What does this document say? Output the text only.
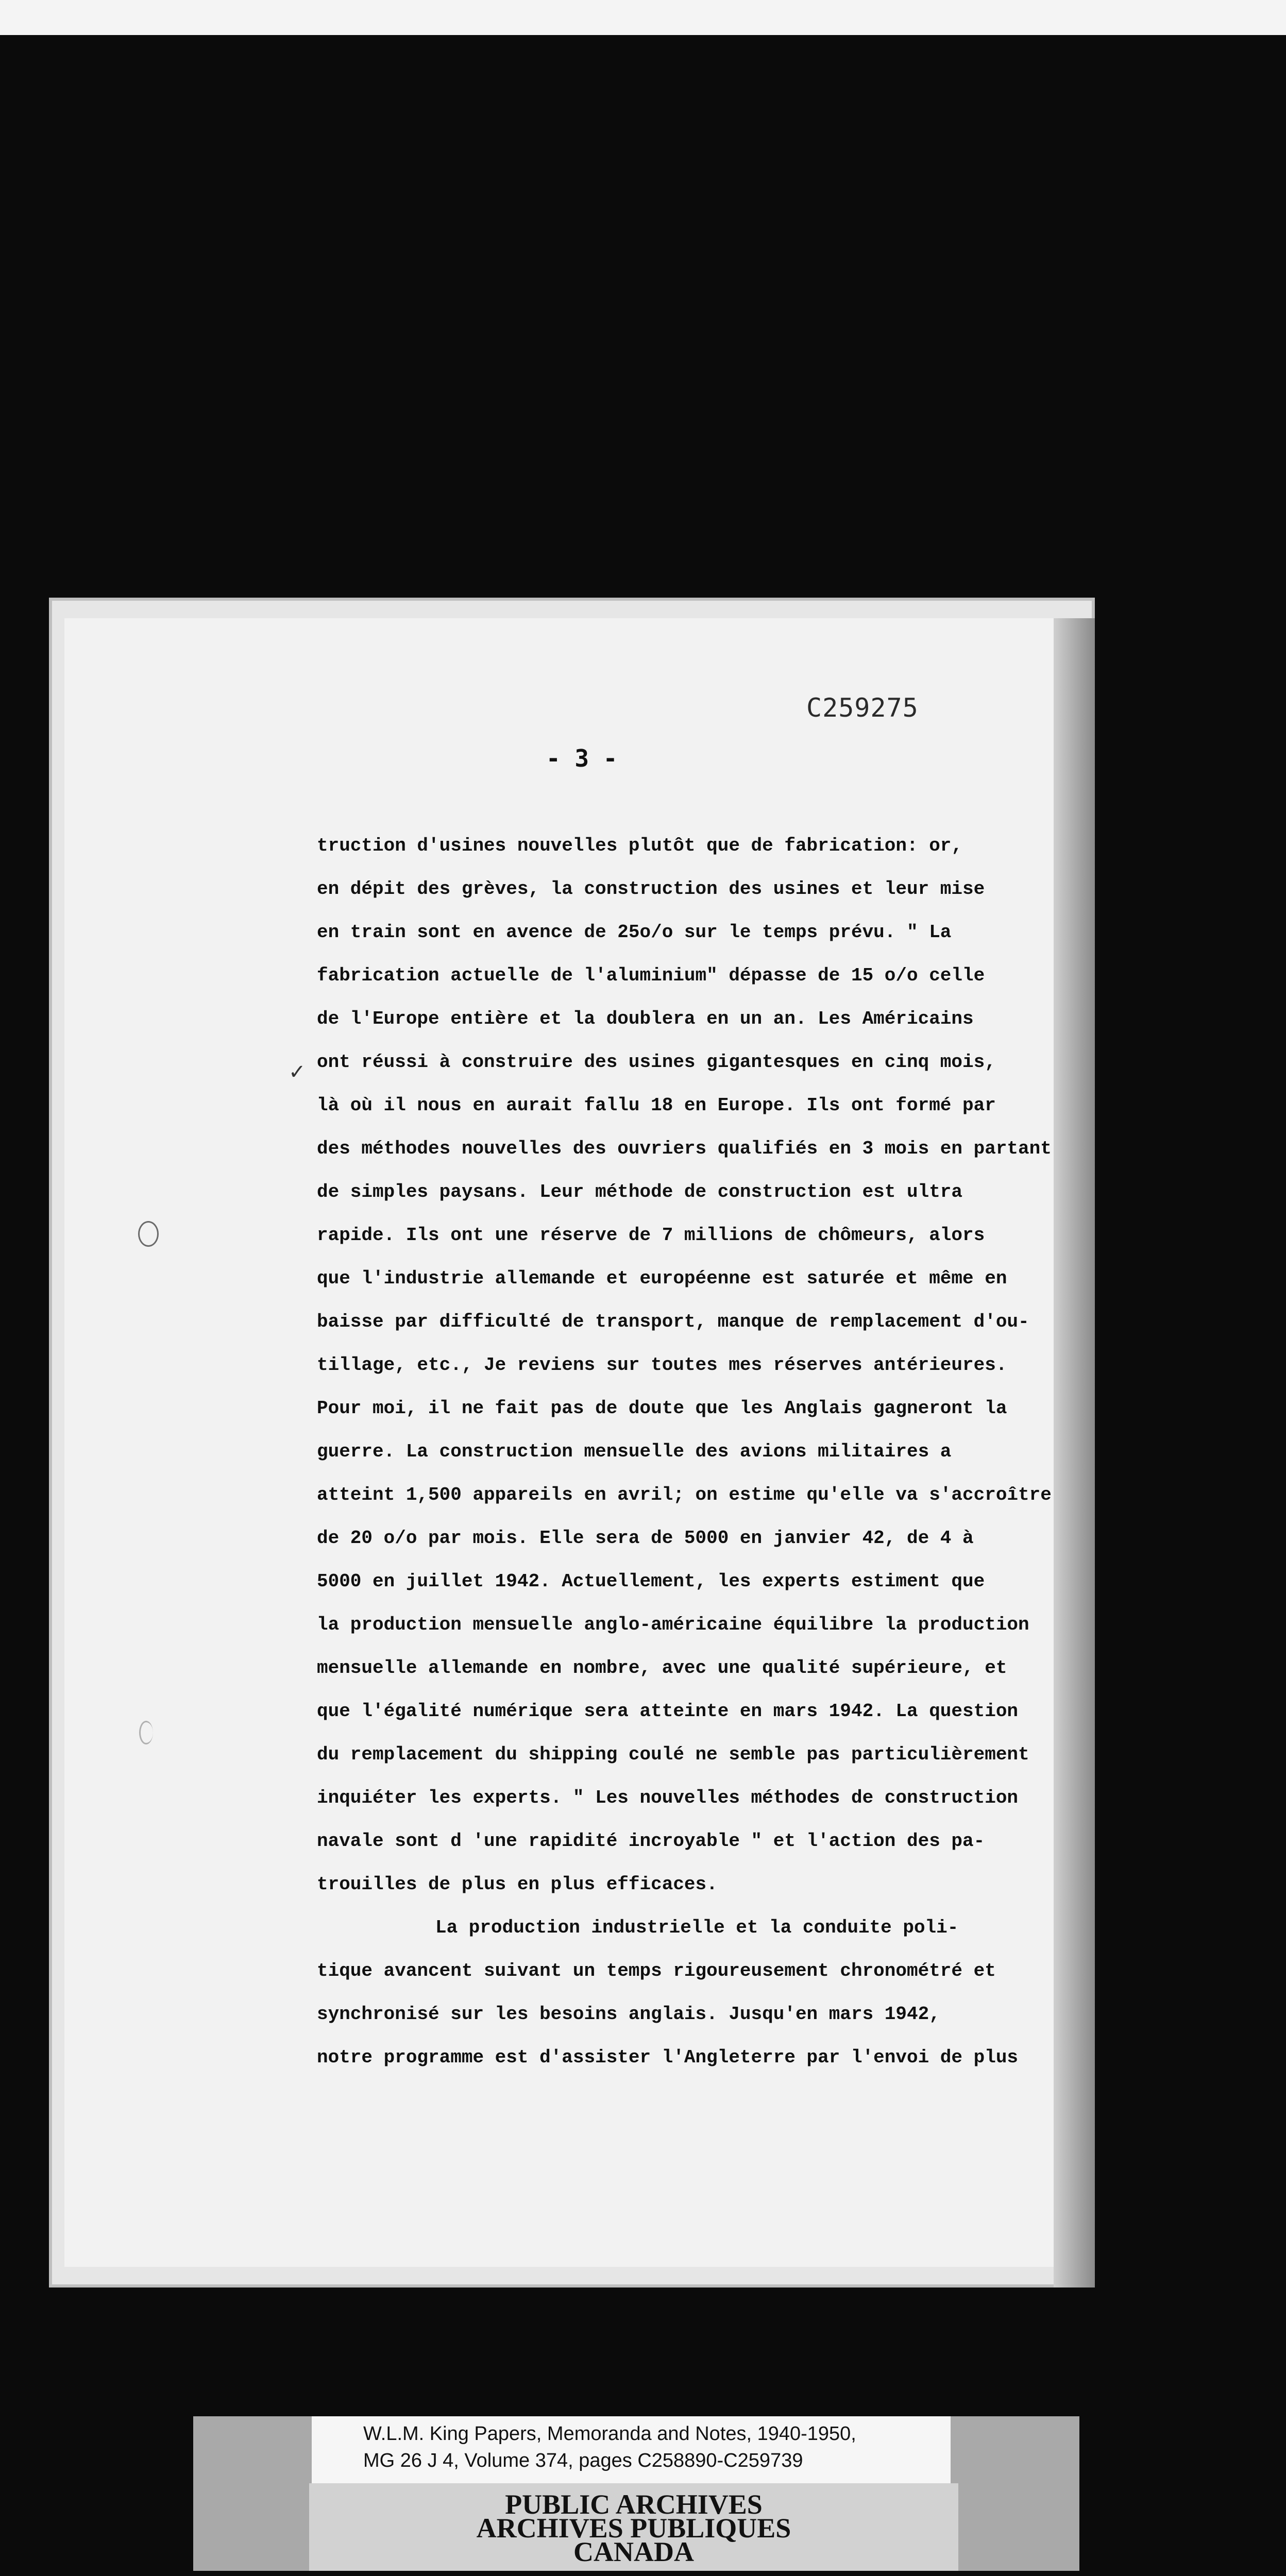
C259275
- 3 -
✓
truction d'usines nouvelles plutôt que de fabrication: or,
en dépit des grèves, la construction des usines et leur mise
en train sont en avence de 25o/o sur le temps prévu. " La
fabrication actuelle de l'aluminium" dépasse de 15 o/o celle
de l'Europe entière et la doublera en un an. Les Américains
ont réussi à construire des usines gigantesques en cinq mois,
là où il nous en aurait fallu 18 en Europe. Ils ont formé par
des méthodes nouvelles des ouvriers qualifiés en 3 mois en partant
de simples paysans. Leur méthode de construction est ultra
rapide. Ils ont une réserve de 7 millions de chômeurs, alors
que l'industrie allemande et européenne est saturée et même en
baisse par difficulté de transport, manque de remplacement d'ou-
tillage, etc., Je reviens sur toutes mes réserves antérieures.
Pour moi, il ne fait pas de doute que les Anglais gagneront la
guerre. La construction mensuelle des avions militaires a
atteint 1,500 appareils en avril; on estime qu'elle va s'accroître
de 20 o/o par mois. Elle sera de 5000 en janvier 42, de 4 à
5000 en juillet 1942. Actuellement, les experts estiment que
la production mensuelle anglo-américaine équilibre la production
mensuelle allemande en nombre, avec une qualité supérieure, et
que l'égalité numérique sera atteinte en mars 1942. La question
du remplacement du shipping coulé ne semble pas particulièrement
inquiéter les experts. " Les nouvelles méthodes de construction
navale sont d 'une rapidité incroyable " et l'action des pa-
trouilles de plus en plus efficaces.
La production industrielle et la conduite poli-
tique avancent suivant un temps rigoureusement chronométré et
synchronisé sur les besoins anglais. Jusqu'en mars 1942,
notre programme est d'assister l'Angleterre par l'envoi de plus
W.L.M. King Papers, Memoranda and Notes, 1940-1950,
MG 26 J 4, Volume 374, pages C258890-C259739
PUBLIC ARCHIVES
ARCHIVES PUBLIQUES
CANADA
